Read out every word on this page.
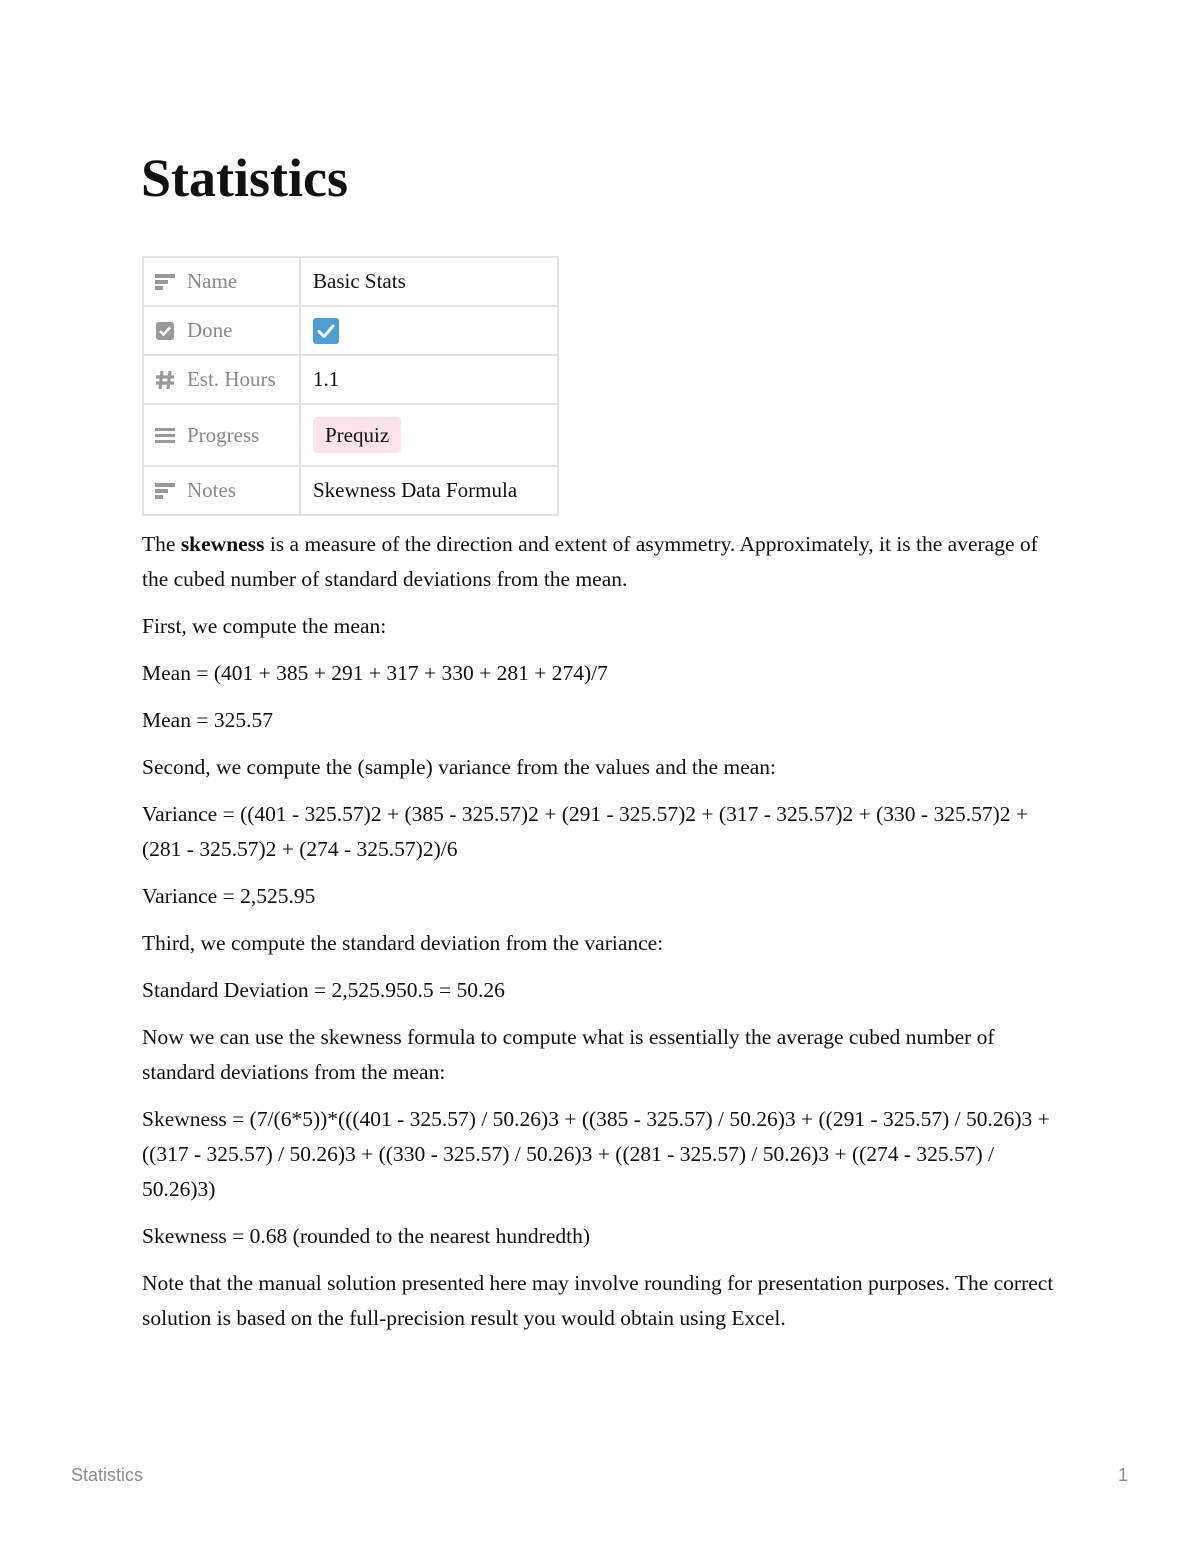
Statistics
Name	Basic Stats

Done

Est. Hours	1.1

Progress	Prequiz

Notes	Skewness Data Formula

The skewness is a measure of the direction and extent of asymmetry. Approximately, it is the average of the cubed number of standard deviations from the mean.

First, we compute the mean:

Mean = (401 + 385 + 291 + 317 + 330 + 281 + 274)/7

Mean = 325.57

Second, we compute the (sample) variance from the values and the mean:

Variance = ((401 - 325.57)2 + (385 - 325.57)2 + (291 - 325.57)2 + (317 - 325.57)2 + (330 - 325.57)2 + (281 - 325.57)2 + (274 - 325.57)2)/6

Variance = 2,525.95

Third, we compute the standard deviation from the variance:

Standard Deviation = 2,525.950.5 = 50.26

Now we can use the skewness formula to compute what is essentially the average cubed number of standard deviations from the mean:

Skewness = (7/(6*5))*(((401 - 325.57) / 50.26)3 + ((385 - 325.57) / 50.26)3 + ((291 - 325.57) / 50.26)3 + ((317 - 325.57) / 50.26)3 + ((330 - 325.57) / 50.26)3 + ((281 - 325.57) / 50.26)3 + ((274 - 325.57) / 50.26)3)

Skewness = 0.68 (rounded to the nearest hundredth)

Note that the manual solution presented here may involve rounding for presentation purposes. The correct solution is based on the full-precision result you would obtain using Excel.

Statistics	1
